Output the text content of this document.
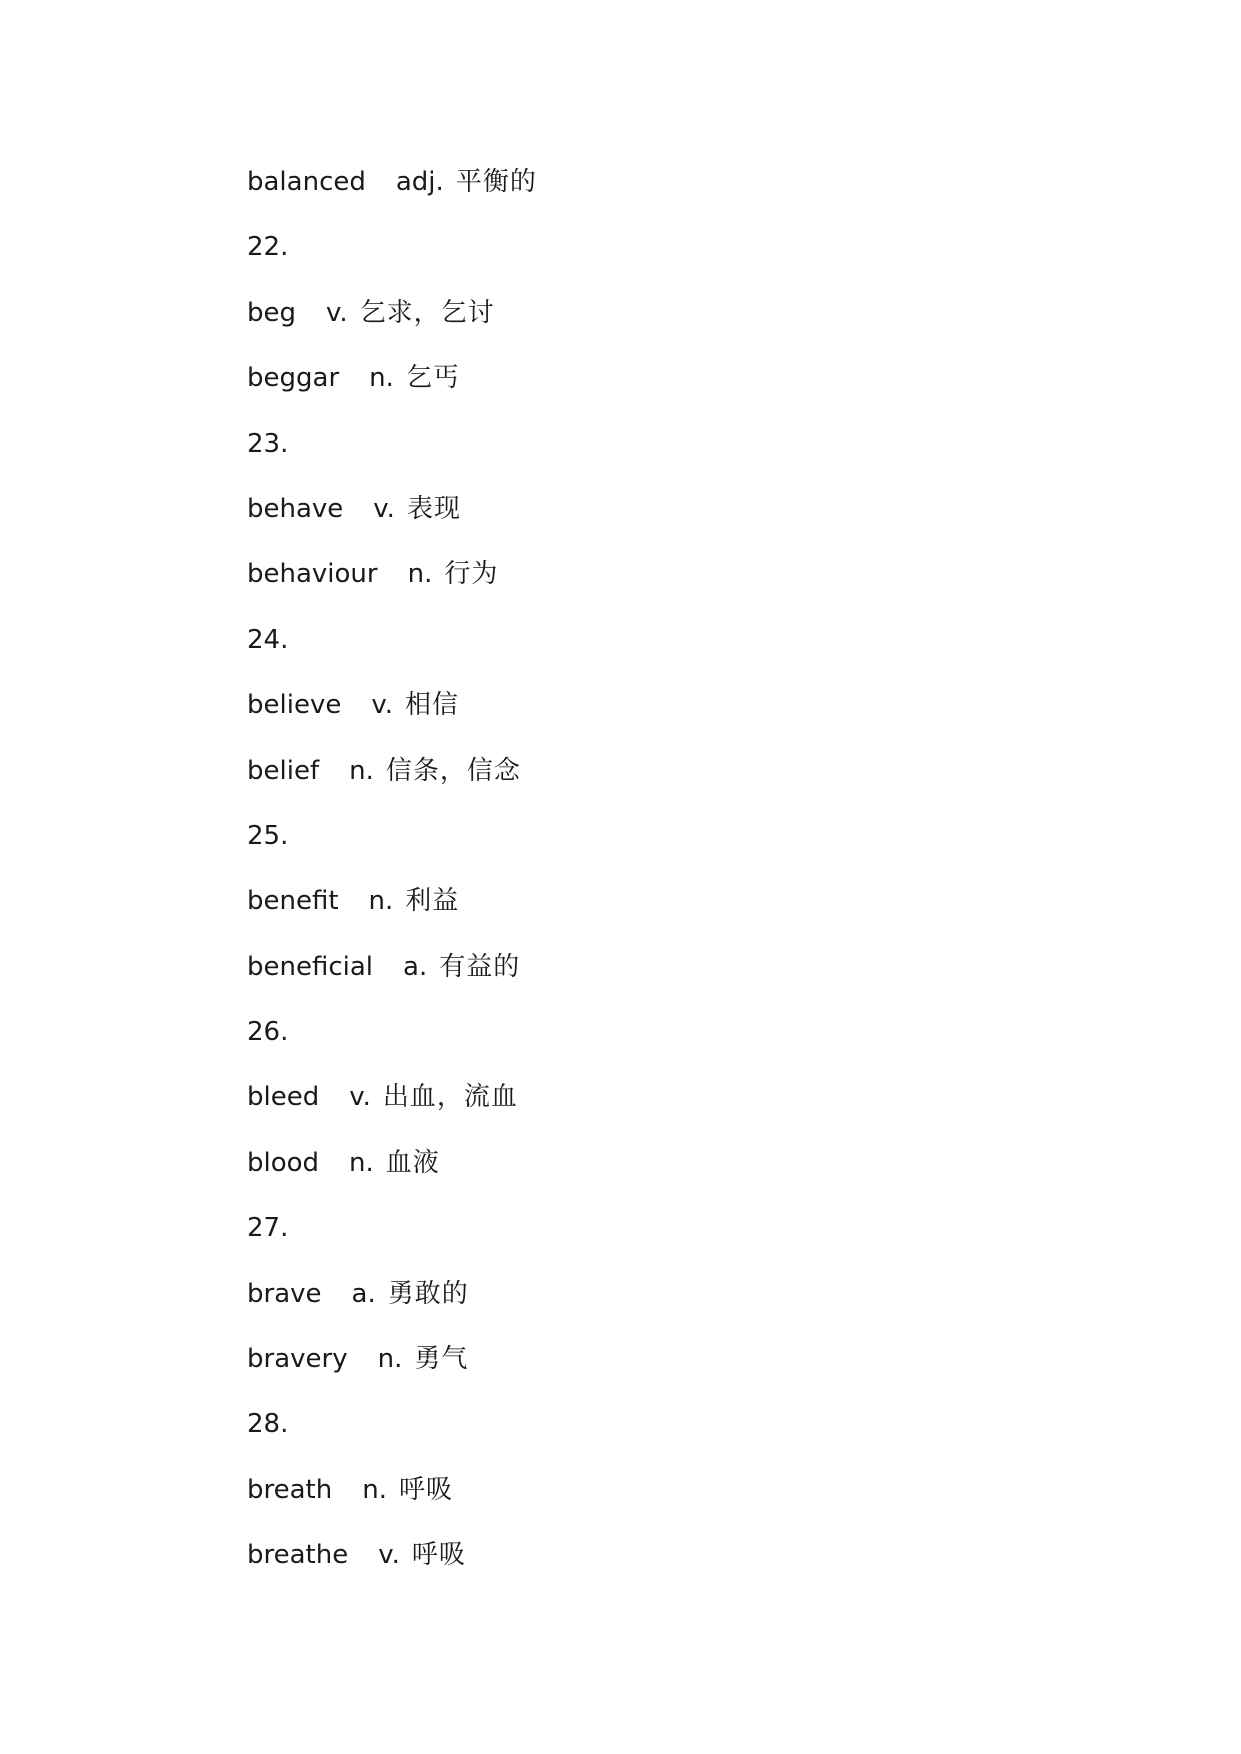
balanced adj. 平衡的
22.
beg v. 乞求，乞讨
beggar n. 乞丐
23.
behave v. 表现
behaviour n. 行为
24.
believe v. 相信
belief n. 信条，信念
25.
benefit n. 利益
beneficial a. 有益的
26.
bleed v. 出血，流血
blood n. 血液
27.
brave a. 勇敢的
bravery n. 勇气
28.
breath n. 呼吸
breathe v. 呼吸
